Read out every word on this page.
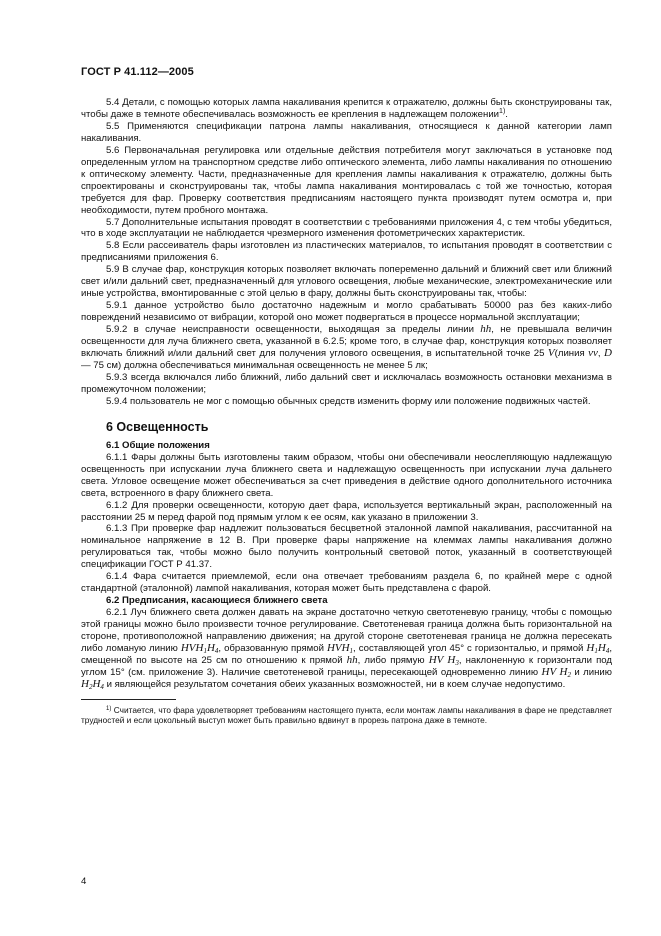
ГОСТ Р 41.112—2005

5.4 Детали, с помощью которых лампа накаливания крепится к отражателю, должны быть сконструированы так, чтобы даже в темноте обеспечивалась возможность ее крепления в надлежащем положении$^{1)}$.

5.5 Применяются спецификации патрона лампы накаливания, относящиеся к данной категории ламп накаливания.

5.6 Первоначальная регулировка или отдельные действия потребителя могут заключаться в установке под определенным углом на транспортном средстве либо оптического элемента, либо лампы накаливания по отношению к оптическому элементу. Части, предназначенные для крепления лампы накаливания к отражателю, должны быть спроектированы и сконструированы так, чтобы лампа накаливания монтировалась с той же точностью, которая требуется для фар. Проверку соответствия предписаниям настоящего пункта производят путем осмотра и, при необходимости, путем пробного монтажа.

5.7 Дополнительные испытания проводят в соответствии с требованиями приложения 4, с тем чтобы убедиться, что в ходе эксплуатации не наблюдается чрезмерного изменения фотометрических характеристик.

5.8 Если рассеиватель фары изготовлен из пластических материалов, то испытания проводят в соответствии с предписаниями приложения 6.

5.9 В случае фар, конструкция которых позволяет включать попеременно дальний и ближний свет или ближний свет и/или дальний свет, предназначенный для углового освещения, любые механические, электромеханические или иные устройства, вмонтированные с этой целью в фару, должны быть сконструированы так, чтобы:

5.9.1 данное устройство было достаточно надежным и могло срабатывать 50000 раз без каких-либо повреждений независимо от вибрации, которой оно может подвергаться в процессе нормальной эксплуатации;

5.9.2 в случае неисправности освещенности, выходящая за пределы линии hh, не превышала величин освещенности для луча ближнего света, указанной в 6.2.5; кроме того, в случае фар, конструкция которых позволяет включать ближний и/или дальний свет для получения углового освещения, в испытательной точке 25 V(линия vv, D — 75 см) должна обеспечиваться минимальная освещенность не менее 5 лк;

5.9.3 всегда включался либо ближний, либо дальний свет и исключалась возможность остановки механизма в промежуточном положении;

5.9.4 пользователь не мог с помощью обычных средств изменить форму или положение подвижных частей.

6 Освещенность
6.1 Общие положения

6.1.1 Фары должны быть изготовлены таким образом, чтобы они обеспечивали неослепляющую надлежащую освещенность при испускании луча ближнего света и надлежащую освещенность при испускании луча дальнего света. Угловое освещение может обеспечиваться за счет приведения в действие одного дополнительного источника света, встроенного в фару ближнего света.

6.1.2 Для проверки освещенности, которую дает фара, используется вертикальный экран, расположенный на расстоянии 25 м перед фарой под прямым углом к ее осям, как указано в приложении 3.

6.1.3 При проверке фар надлежит пользоваться бесцветной эталонной лампой накаливания, рассчитанной на номинальное напряжение в 12 В. При проверке фары напряжение на клеммах лампы накаливания должно регулироваться так, чтобы можно было получить контрольный световой поток, указанный в соответствующей спецификации ГОСТ Р 41.37.

6.1.4 Фара считается приемлемой, если она отвечает требованиям раздела 6, по крайней мере с одной стандартной (эталонной) лампой накаливания, которая может быть представлена с фарой.

6.2 Предписания, касающиеся ближнего света

6.2.1 Луч ближнего света должен давать на экране достаточно четкую светотеневую границу, чтобы с помощью этой границы можно было произвести точное регулирование. Светотеневая граница должна быть горизонтальной на стороне, противоположной направлению движения; на другой стороне светотеневая граница не должна пересекать либо ломаную линию $HVH_1H_4$, образованную прямой $HVH_1$, составляющей угол 45° с горизонталью, и прямой $H_1H_4$, смещенной по высоте на 25 см по отношению к прямой hh, либо прямую HV $H_3$, наклоненную к горизонтали под углом 15° (см. приложение 3). Наличие светотеневой границы, пересекающей одновременно линию HV $H_2$ и линию $H_2H_4$ и являющейся результатом сочетания обеих указанных возможностей, ни в коем случае недопустимо.

$^{1)}$ Считается, что фара удовлетворяет требованиям настоящего пункта, если монтаж лампы накаливания в фаре не представляет трудностей и если цокольный выступ может быть правильно вдвинут в прорезь патрона даже в темноте.

4
